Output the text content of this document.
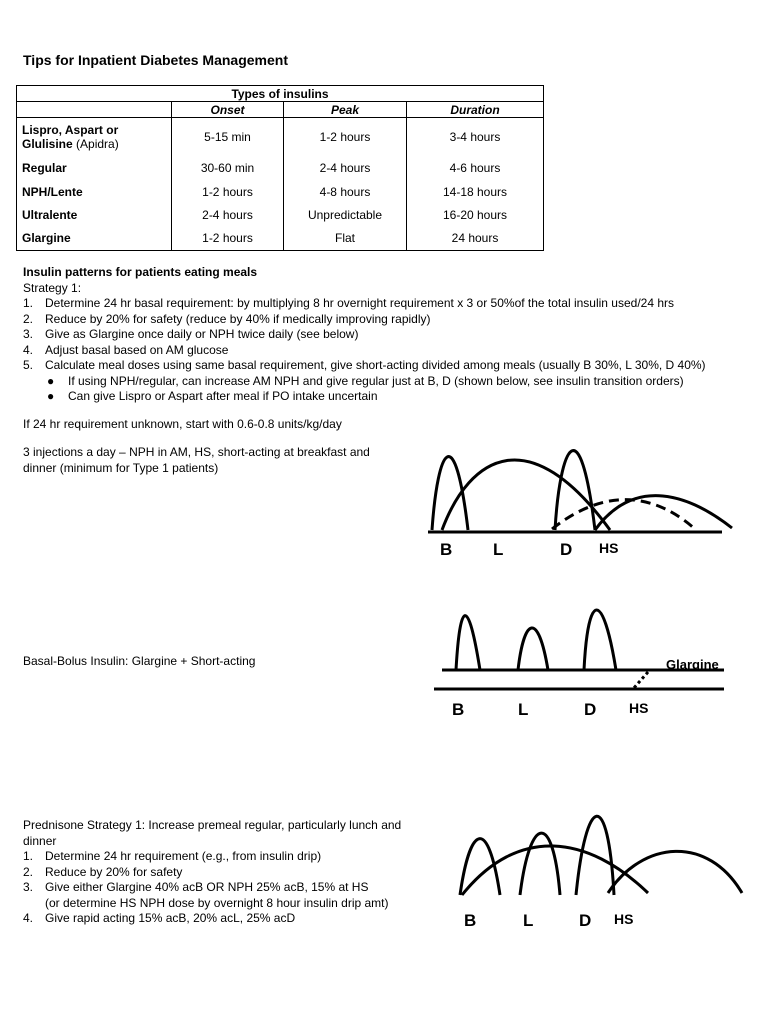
Tips for Inpatient Diabetes Management
Types of insulins			
	Onset	Peak	Duration
Lispro, Aspart or Glulisine (Apidra)	5-15 min	1-2 hours	3-4 hours
Regular	30-60 min	2-4 hours	4-6 hours
NPH/Lente	1-2 hours	4-8 hours	14-18 hours
Ultralente	2-4 hours	Unpredictable	16-20 hours
Glargine	1-2 hours	Flat	24 hours
Insulin patterns for patients eating meals
Strategy 1:
1. Determine 24 hr basal requirement: by multiplying 8 hr overnight requirement x 3 or 50%of the total insulin used/24 hrs
2. Reduce by 20% for safety (reduce by 40% if medically improving rapidly)
3. Give as Glargine once daily or NPH twice daily (see below)
4. Adjust basal based on AM glucose
5. Calculate meal doses using same basal requirement, give short-acting divided among meals (usually B 30%, L 30%, D 40%)
● If using NPH/regular, can increase AM NPH and give regular just at B, D (shown below, see insulin transition orders)
● Can give Lispro or Aspart after meal if PO intake uncertain
If 24 hr requirement unknown, start with 0.6-0.8 units/kg/day
3 injections a day – NPH in AM, HS, short-acting at breakfast and dinner (minimum for Type 1 patients)
B L	D HS
Basal-Bolus Insulin: Glargine + Short-acting	Glargine
B	L	D HS
Prednisone Strategy 1: Increase premeal regular, particularly lunch and dinner
1. Determine 24 hr requirement (e.g., from insulin drip)
2. Reduce by 20% for safety
3. Give either Glargine 40% acB OR NPH 25% acB, 15% at HS
(or determine HS NPH dose by overnight 8 hour insulin drip amt)
4. Give rapid acting 15% acB, 20% acL, 25% acD	B	L	D HS
